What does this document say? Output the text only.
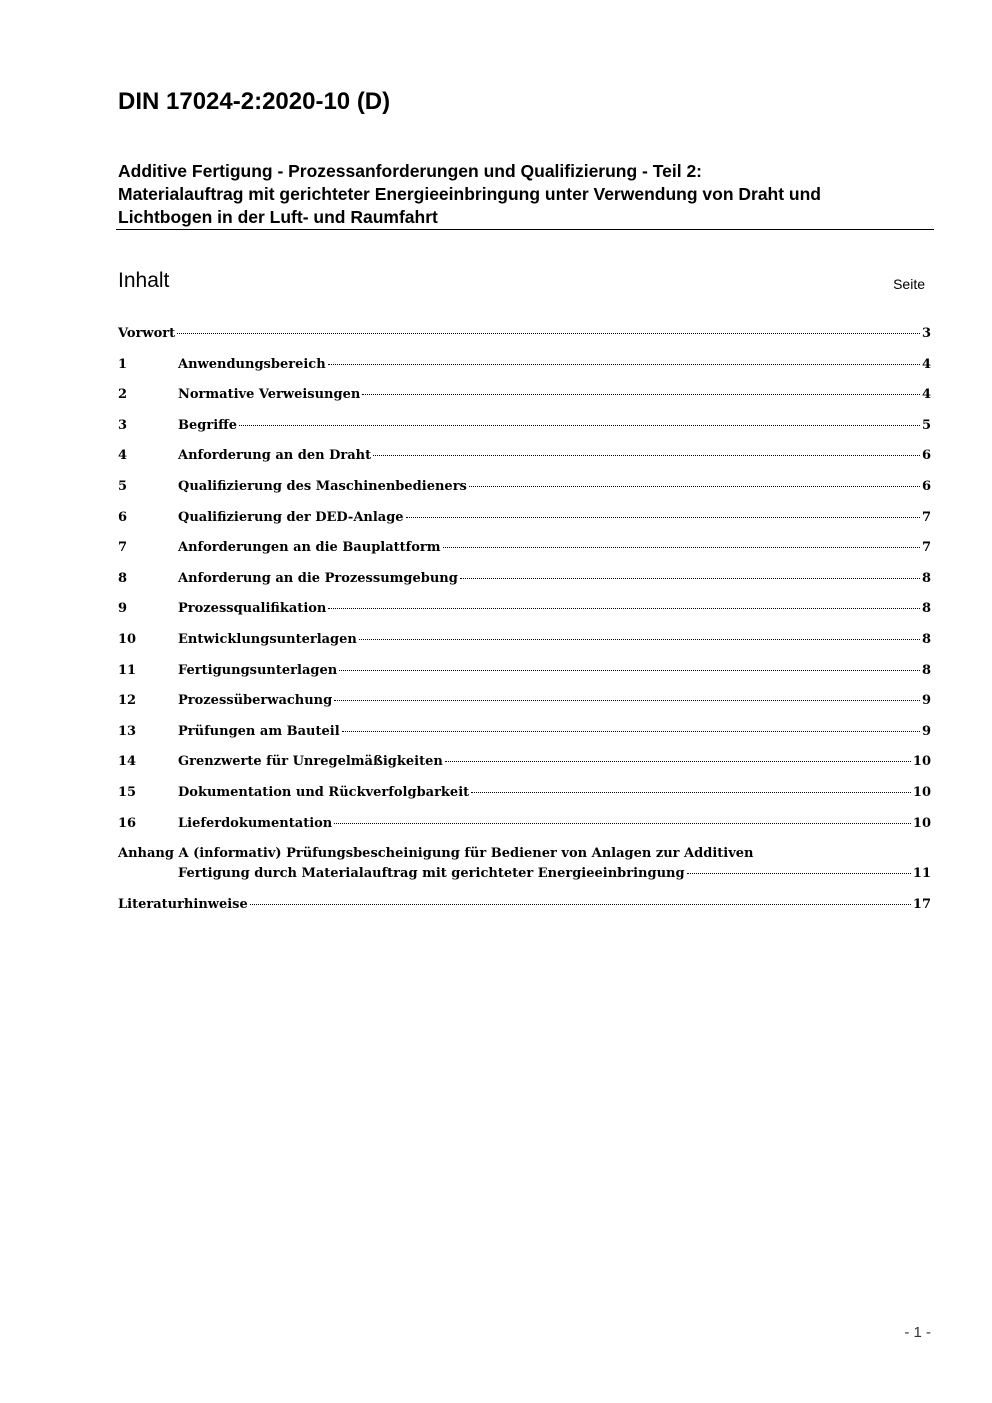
DIN 17024-2:2020-10 (D)
Additive Fertigung - Prozessanforderungen und Qualifizierung - Teil 2:
Materialauftrag mit gerichteter Energieeinbringung unter Verwendung von Draht und
Lichtbogen in der Luft- und Raumfahrt
Inhalt	Seite
Vorwort	3
1	Anwendungsbereich	4
2	Normative Verweisungen	4
3	Begriffe	5
4	Anforderung an den Draht	6
5	Qualifizierung des Maschinenbedieners	6
6	Qualifizierung der DED-Anlage	7
7	Anforderungen an die Bauplattform	7
8	Anforderung an die Prozessumgebung	8
9	Prozessqualifikation	8
10	Entwicklungsunterlagen	8
11	Fertigungsunterlagen	8
12	Prozessüberwachung	9
13	Prüfungen am Bauteil	9
14	Grenzwerte für Unregelmäßigkeiten	10
15	Dokumentation und Rückverfolgbarkeit	10
16	Lieferdokumentation	10
Anhang A (informativ) Prüfungsbescheinigung für Bediener von Anlagen zur Additiven
Fertigung durch Materialauftrag mit gerichteter Energieeinbringung	11
Literaturhinweise	17
- 1 -
